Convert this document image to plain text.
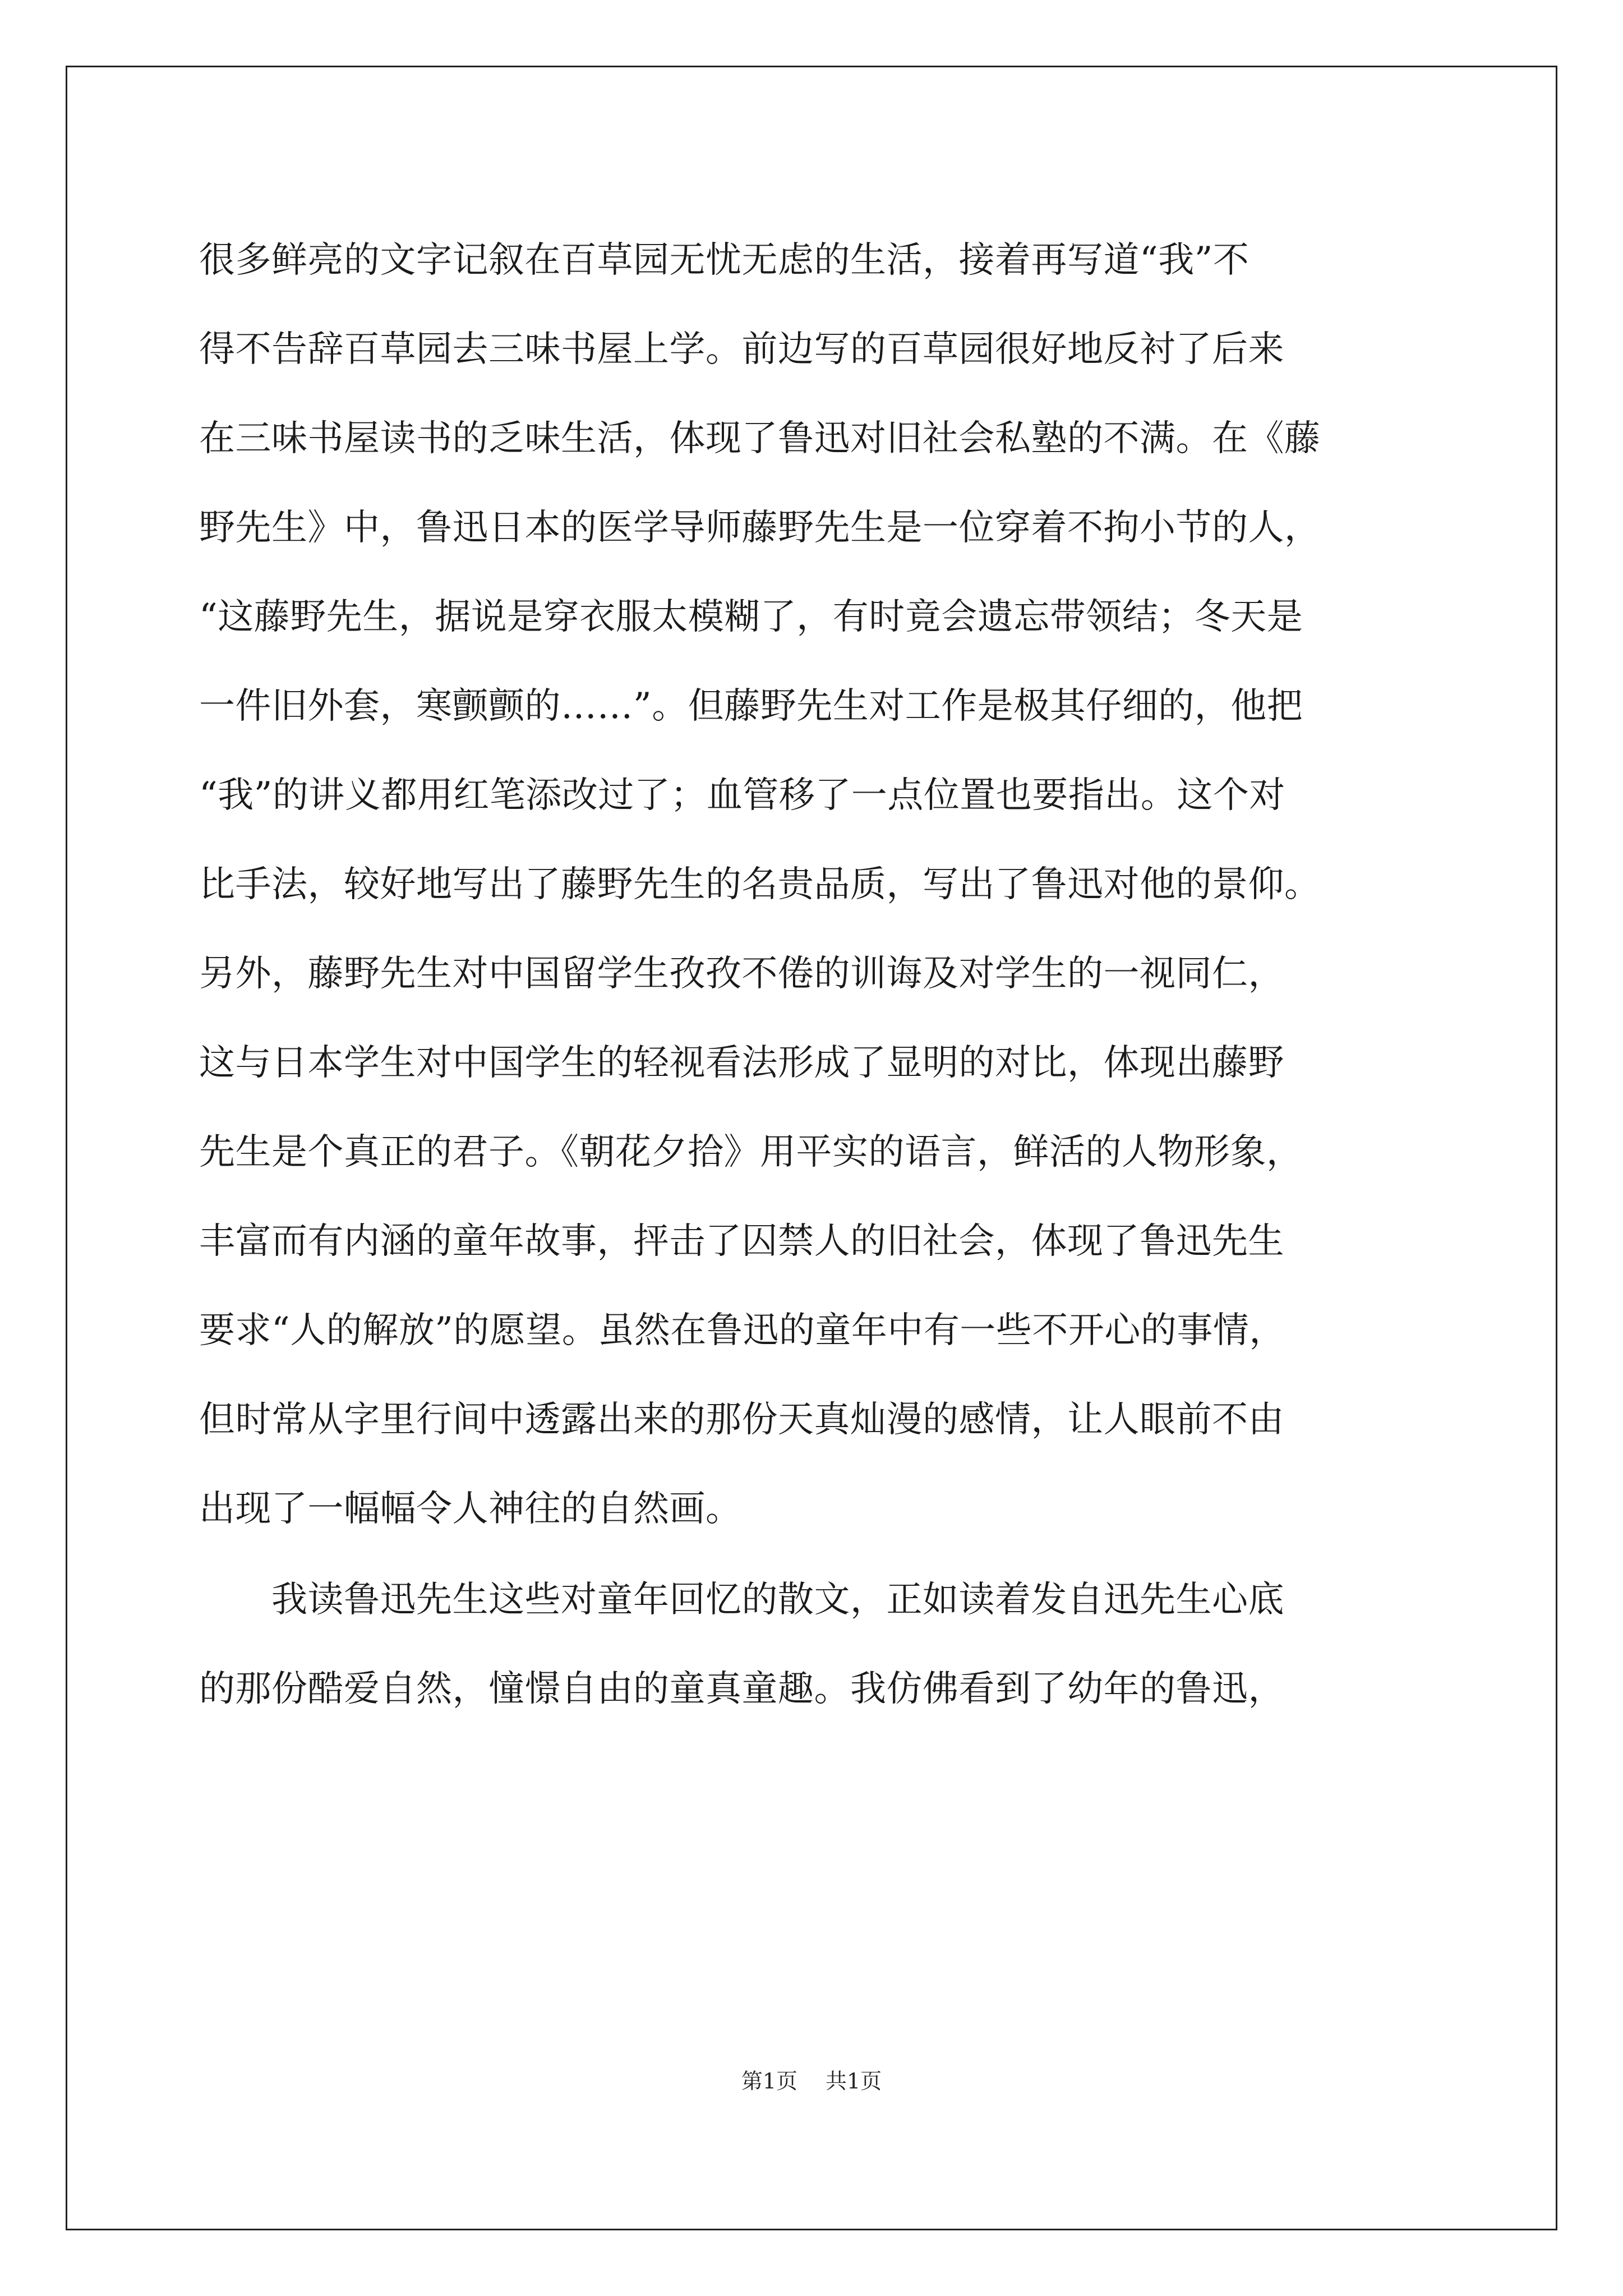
很多鲜亮的文字记叙在百草园无忧无虑的生活，接着再写道“我”不
得不告辞百草园去三味书屋上学。前边写的百草园很好地反衬了后来
在三味书屋读书的乏味生活，体现了鲁迅对旧社会私塾的不满。在《藤
野先生》中，鲁迅日本的医学导师藤野先生是一位穿着不拘小节的人，
“这藤野先生，据说是穿衣服太模糊了，有时竟会遗忘带领结；冬天是
一件旧外套，寒颤颤的……”。但藤野先生对工作是极其仔细的，他把
“我”的讲义都用红笔添改过了；血管移了一点位置也要指出。这个对
比手法，较好地写出了藤野先生的名贵品质，写出了鲁迅对他的景仰。
另外，藤野先生对中国留学生孜孜不倦的训诲及对学生的一视同仁，
这与日本学生对中国学生的轻视看法形成了显明的对比，体现出藤野
先生是个真正的君子。《朝花夕拾》用平实的语言，鲜活的人物形象，
丰富而有内涵的童年故事，抨击了囚禁人的旧社会，体现了鲁迅先生
要求“人的解放”的愿望。虽然在鲁迅的童年中有一些不开心的事情，
但时常从字里行间中透露出来的那份天真灿漫的感情，让人眼前不由
出现了一幅幅令人神往的自然画。
　　我读鲁迅先生这些对童年回忆的散文，正如读着发自迅先生心底
的那份酷爱自然，憧憬自由的童真童趣。我仿佛看到了幼年的鲁迅，
第1页 共1页
